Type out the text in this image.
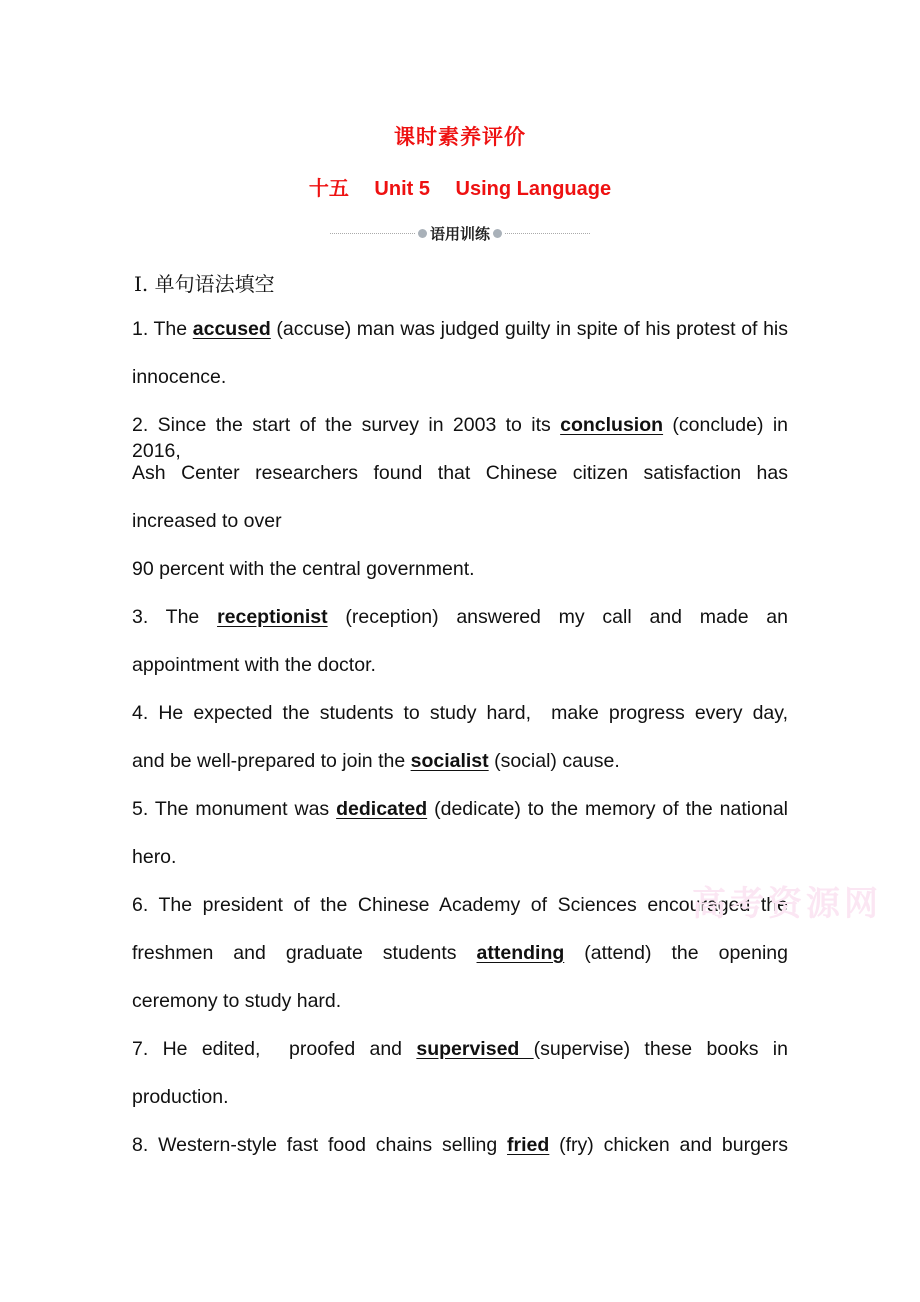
课时素养评价
十五 Unit 5 Using Language
语用训练
Ⅰ. 单句语法填空
1. The accused (accuse) man was judged guilty in spite of his protest of his
innocence.
2. Since the start of the survey in 2003 to its conclusion (conclude) in 2016,
Ash Center researchers found that Chinese citizen satisfaction has
increased to over
90 percent with the central government.
3. The receptionist (reception) answered my call and made an
appointment with the doctor.
4. He expected the students to study hard,  make progress every day,
and be well-prepared to join the socialist (social) cause.
5. The monument was dedicated (dedicate) to the memory of the national
hero.
6. The president of the Chinese Academy of Sciences encouraged the
freshmen and graduate students attending (attend) the opening
ceremony to study hard.
7. He edited,  proofed and supervised (supervise) these books in
production.
8. Western-style fast food chains selling fried (fry) chicken and burgers
高考资源网
